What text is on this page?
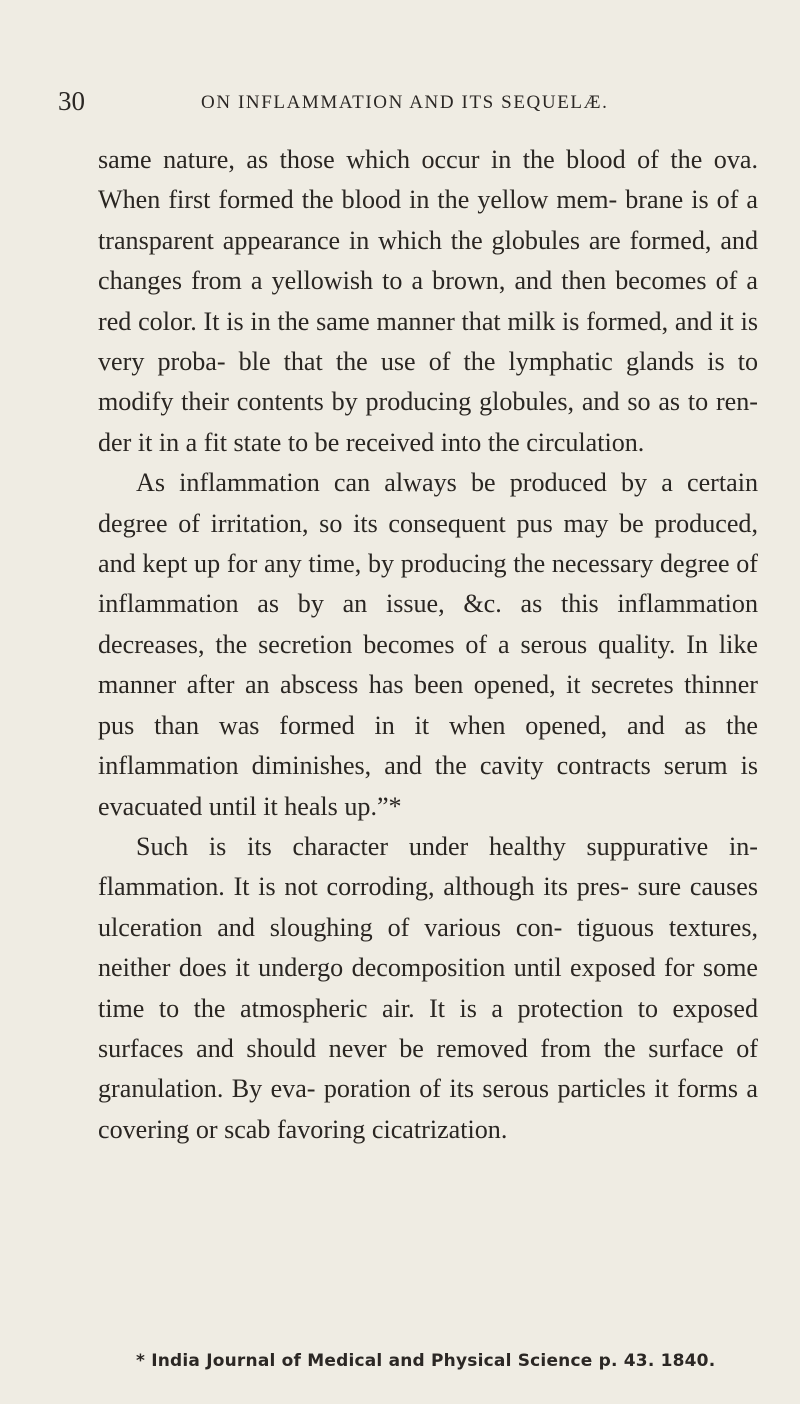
30	ON INFLAMMATION AND ITS SEQUELÆ.

same nature, as those which occur in the blood of the ova. When first formed the blood in the yellow mem- brane is of a transparent appearance in which the globules are formed, and changes from a yellowish to a brown, and then becomes of a red color. It is in the same manner that milk is formed, and it is very proba- ble that the use of the lymphatic glands is to modify their contents by producing globules, and so as to ren- der it in a fit state to be received into the circulation.

As inflammation can always be produced by a certain degree of irritation, so its consequent pus may be produced, and kept up for any time, by producing the necessary degree of inflammation as by an issue, &c. as this inflammation decreases, the secretion becomes of a serous quality. In like manner after an abscess has been opened, it secretes thinner pus than was formed in it when opened, and as the inflammation diminishes, and the cavity contracts serum is evacuated until it heals up.”*

Such is its character under healthy suppurative in- flammation. It is not corroding, although its pres- sure causes ulceration and sloughing of various con- tiguous textures, neither does it undergo decomposition until exposed for some time to the atmospheric air. It is a protection to exposed surfaces and should never be removed from the surface of granulation. By eva- poration of its serous particles it forms a covering or scab favoring cicatrization.

* India Journal of Medical and Physical Science p. 43. 1840.
